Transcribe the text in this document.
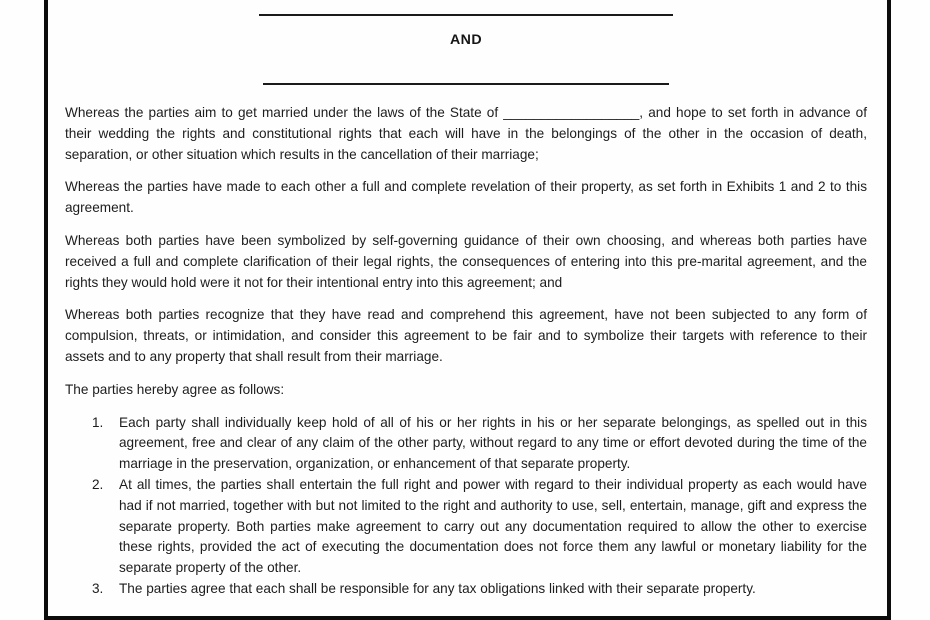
AND

Whereas the parties aim to get married under the laws of the State of __________________, and hope to set forth in advance of their wedding the rights and constitutional rights that each will have in the belongings of the other in the occasion of death, separation, or other situation which results in the cancellation of their marriage;

Whereas the parties have made to each other a full and complete revelation of their property, as set forth in Exhibits 1 and 2 to this agreement.

Whereas both parties have been symbolized by self-governing guidance of their own choosing, and whereas both parties have received a full and complete clarification of their legal rights, the consequences of entering into this pre-marital agreement, and the rights they would hold were it not for their intentional entry into this agreement; and

Whereas both parties recognize that they have read and comprehend this agreement, have not been subjected to any form of compulsion, threats, or intimidation, and consider this agreement to be fair and to symbolize their targets with reference to their assets and to any property that shall result from their marriage.

The parties hereby agree as follows:

1.	Each party shall individually keep hold of all of his or her rights in his or her separate belongings, as spelled out in this agreement, free and clear of any claim of the other party, without regard to any time or effort devoted during the time of the marriage in the preservation, organization, or enhancement of that separate property.
2.	At all times, the parties shall entertain the full right and power with regard to their individual property as each would have had if not married, together with but not limited to the right and authority to use, sell, entertain, manage, gift and express the separate property. Both parties make agreement to carry out any documentation required to allow the other to exercise these rights, provided the act of executing the documentation does not force them any lawful or monetary liability for the separate property of the other.
3.	The parties agree that each shall be responsible for any tax obligations linked with their separate property.
